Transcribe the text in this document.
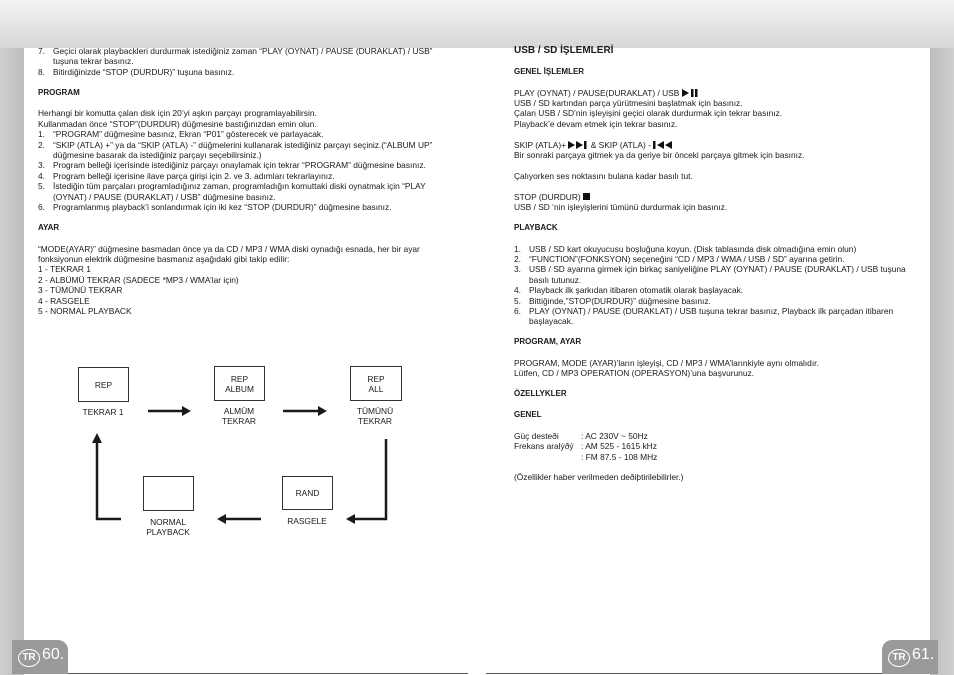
7. Geçici olarak playbackleri durdurmak istediğiniz zaman “PLAY (OYNAT) / PAUSE (DURAKLAT) / USB” tuşuna tekrar basınız.
8. Bitirdiğinizde “STOP (DURDUR)” tuşuna basınız.

PROGRAM

Herhangi bir komutta çalan disk için 20’yi aşkın parçayı programlayabilirsin.

Kullanmadan önce “STOP”(DURDUR) düğmesine bastığınızdan emin olun.

1. “PROGRAM” düğmesine basınız, Ekran “P01” gösterecek ve parlayacak.
2. “SKIP (ATLA) +” ya da “SKIP (ATLA) -” düğmelerini kullanarak istediğiniz parçayı seçiniz.(“ALBUM UP” düğmesine basarak da istediğiniz parçayı seçebilirsiniz.)
3. Program belleği içerisinde istediğiniz parçayı onaylamak için tekrar “PROGRAM” düğmesine basınız.
4. Program belleği içerisine ilave parça girişi için 2. ve 3. adımları tekrarlayınız.
5. İstediğin tüm parçaları programladığınız zaman, programladığın komuttaki diski oynatmak için “PLAY (OYNAT) / PAUSE (DURAKLAT) / USB” düğmesine basınız.
6. Programlanmış playback’i sonlandırmak için iki kez “STOP (DURDUR)” düğmesine basınız.

AYAR

“MODE(AYAR)” düğmesine basmadan önce ya da CD / MP3 / WMA diski oynadığı esnada, her bir ayar fonksiyonun elektrik düğmesine basmanız aşağıdaki gibi takip edilir:

1 - TEKRAR 1

2 - ALBÜMÜ TEKRAR (SADECE *MP3 / WMA’lar için)

3 - TÜMÜNÜ TEKRAR

4 - RASGELE

5 - NORMAL PLAYBACK

REP
REP
ALBUM
REP
ALL
RAND
TEKRAR 1	ALMÜM
TEKRAR
TÜMÜNÜ
TEKRAR
RASGELE
NORMAL
PLAYBACK

USB / SD İŞLEMLERİ

GENEL İŞLEMLER

PLAY (OYNAT) / PAUSE(DURAKLAT) / USB

USB / SD kartından parça yürütmesini başlatmak için basınız.

Çalan USB / SD’nin işleyişini geçici olarak durdurmak için tekrar basınız.

Playback’e devam etmek için tekrar basınız.

SKIP (ATLA)+	& SKIP (ATLA) -

Bir sonraki parçaya gitmek ya da geriye bir önceki parçaya gitmek için basınız.

Çalıyorken ses noktasını bulana kadar basılı tut.

STOP (DURDUR)

USB / SD ‘nin işleyişlerini tümünü durdurmak için basınız.

PLAYBACK

1. USB / SD kart okuyucusu boşluğuna koyun. (Disk tablasında disk olmadığına emin olun)
2. “FUNCTION”(FONKSYON) seçeneğini “CD / MP3 / WMA / USB / SD” ayarına getirin.
3. USB / SD ayarına girmek için birkaç saniyeliğine PLAY (OYNAT) / PAUSE (DURAKLAT) / USB tuşuna basılı tutunuz.
4. Playback ilk şarkıdan itibaren otomatik olarak başlayacak.
5. Bittiğinde,”STOP(DURDUR)” düğmesine basınız.
6. PLAY (OYNAT) / PAUSE (DURAKLAT) / USB tuşuna tekrar basınız, Playback ilk parçadan itibaren başlayacak.

PROGRAM, AYAR

PROGRAM, MODE (AYAR)’ların işleyişi, CD / MP3 / WMA’larınkiyle aynı olmalıdır.

Lütfen, CD / MP3 OPERATION (OPERASYON)’una başvurunuz.

ÖZELLYKLER

GENEL

Güç desteði	: AC 230V ~ 50Hz
Frekans aralýðý : AM 525 - 1615 kHz
: FM 87.5 - 108 MHz

(Özellikler haber verilmeden deðiþtirilebilirler.)

TR 60.	TR 61.
